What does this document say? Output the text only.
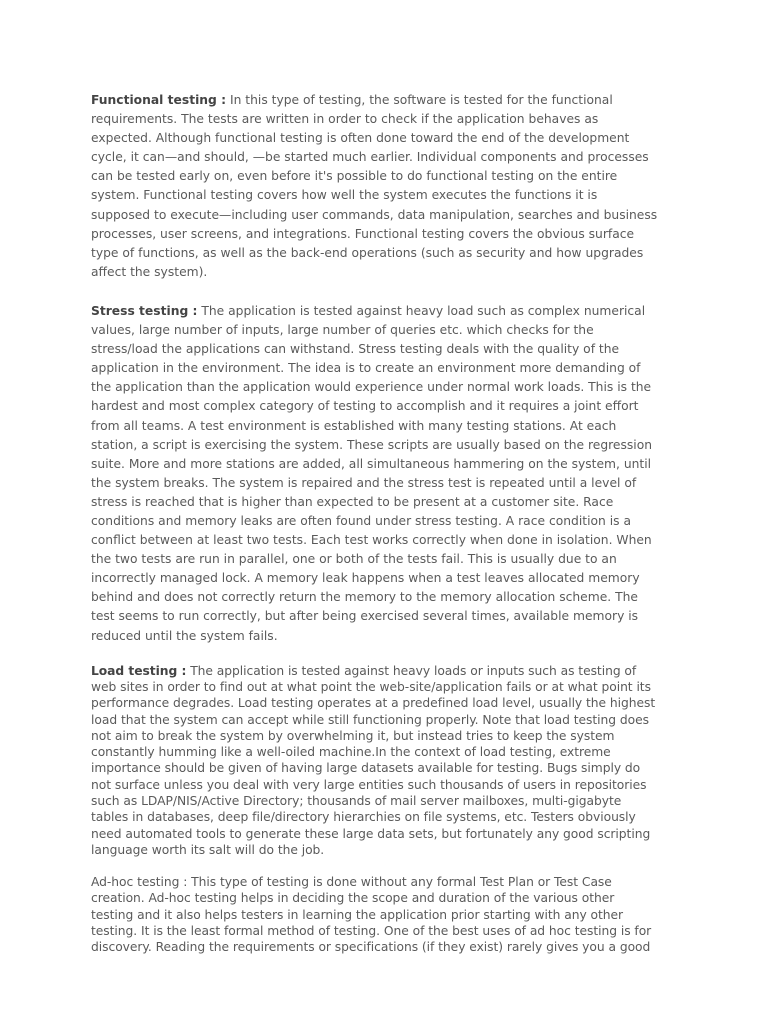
Functional testing : In this type of testing, the software is tested for the functional requirements. The tests are written in order to check if the application behaves as expected. Although functional testing is often done toward the end of the development cycle, it can—and should, —be started much earlier. Individual components and processes can be tested early on, even before it's possible to do functional testing on the entire system. Functional testing covers how well the system executes the functions it is supposed to execute—including user commands, data manipulation, searches and business processes, user screens, and integrations. Functional testing covers the obvious surface type of functions, as well as the back-end operations (such as security and how upgrades affect the system).

Stress testing : The application is tested against heavy load such as complex numerical values, large number of inputs, large number of queries etc. which checks for the stress/load the applications can withstand. Stress testing deals with the quality of the application in the environment. The idea is to create an environment more demanding of the application than the application would experience under normal work loads. This is the hardest and most complex category of testing to accomplish and it requires a joint effort from all teams. A test environment is established with many testing stations. At each station, a script is exercising the system. These scripts are usually based on the regression suite. More and more stations are added, all simultaneous hammering on the system, until the system breaks. The system is repaired and the stress test is repeated until a level of stress is reached that is higher than expected to be present at a customer site. Race conditions and memory leaks are often found under stress testing. A race condition is a conflict between at least two tests. Each test works correctly when done in isolation. When the two tests are run in parallel, one or both of the tests fail. This is usually due to an incorrectly managed lock. A memory leak happens when a test leaves allocated memory behind and does not correctly return the memory to the memory allocation scheme. The test seems to run correctly, but after being exercised several times, available memory is reduced until the system fails.

Load testing : The application is tested against heavy loads or inputs such as testing of web sites in order to find out at what point the web-site/application fails or at what point its performance degrades. Load testing operates at a predefined load level, usually the highest load that the system can accept while still functioning properly. Note that load testing does not aim to break the system by overwhelming it, but instead tries to keep the system constantly humming like a well-oiled machine.In the context of load testing, extreme importance should be given of having large datasets available for testing. Bugs simply do not surface unless you deal with very large entities such thousands of users in repositories such as LDAP/NIS/Active Directory; thousands of mail server mailboxes, multi-gigabyte tables in databases, deep file/directory hierarchies on file systems, etc. Testers obviously need automated tools to generate these large data sets, but fortunately any good scripting language worth its salt will do the job.

Ad-hoc testing : This type of testing is done without any formal Test Plan or Test Case creation. Ad-hoc testing helps in deciding the scope and duration of the various other testing and it also helps testers in learning the application prior starting with any other testing. It is the least formal method of testing. One of the best uses of ad hoc testing is for discovery. Reading the requirements or specifications (if they exist) rarely gives you a good
